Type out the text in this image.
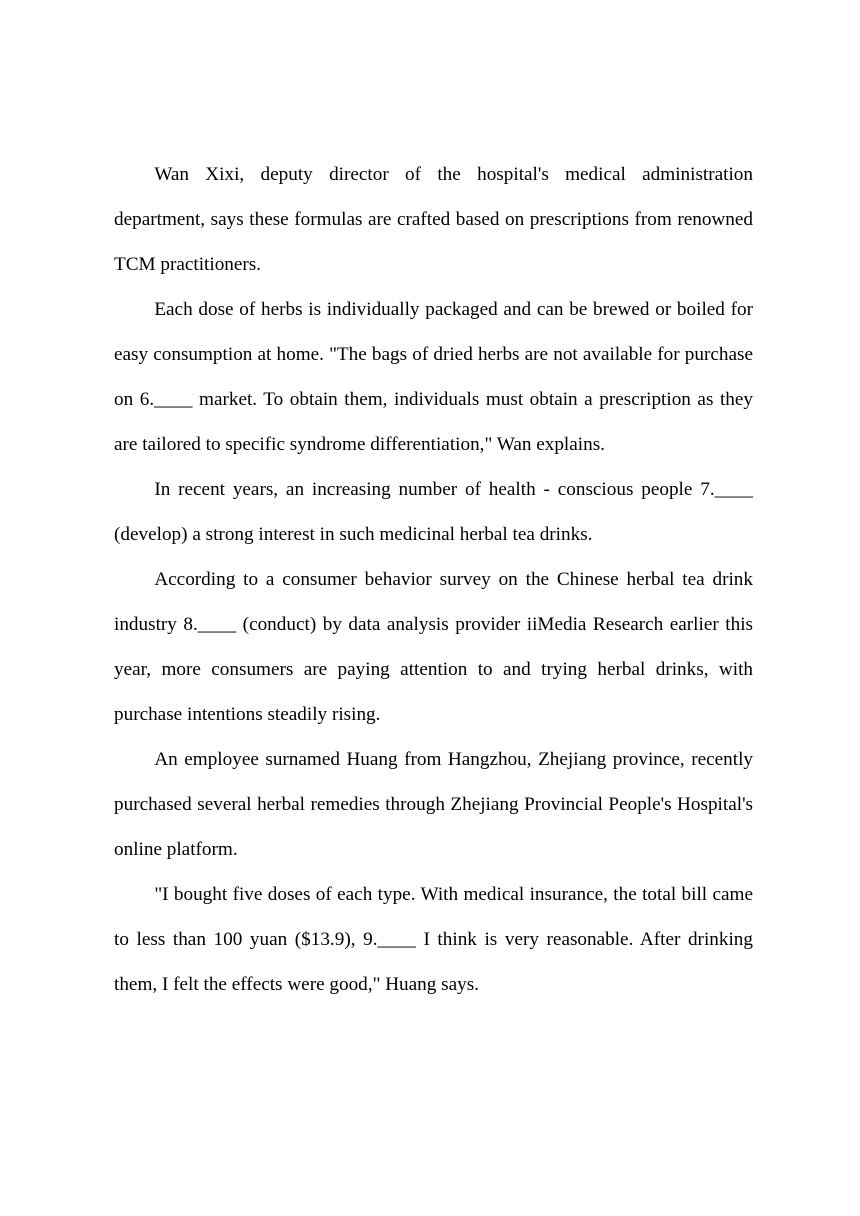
Wan Xixi, deputy director of the hospital's medical administration department, says these formulas are crafted based on prescriptions from renowned TCM practitioners.

Each dose of herbs is individually packaged and can be brewed or boiled for easy consumption at home. "The bags of dried herbs are not available for purchase on 6.____ market. To obtain them, individuals must obtain a prescription as they are tailored to specific syndrome differentiation," Wan explains.

In recent years, an increasing number of health - conscious people 7.____ (develop) a strong interest in such medicinal herbal tea drinks.

According to a consumer behavior survey on the Chinese herbal tea drink industry 8.____ (conduct) by data analysis provider iiMedia Research earlier this year, more consumers are paying attention to and trying herbal drinks, with purchase intentions steadily rising.

An employee surnamed Huang from Hangzhou, Zhejiang province, recently purchased several herbal remedies through Zhejiang Provincial People's Hospital's online platform.

"I bought five doses of each type. With medical insurance, the total bill came to less than 100 yuan ($13.9), 9.____ I think is very reasonable. After drinking them, I felt the effects were good," Huang says.
